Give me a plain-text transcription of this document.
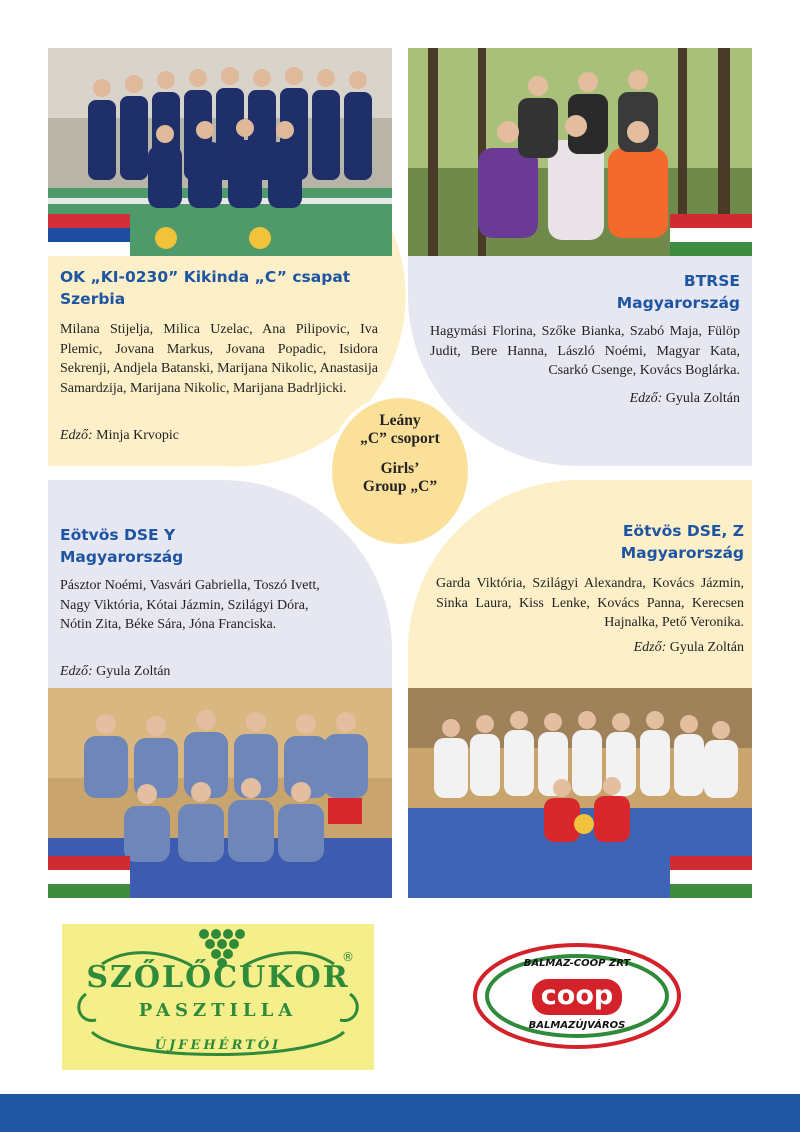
OK „KI-0230” Kikinda „C” csapat
Szerbia
Milana Stijelja, Milica Uzelac, Ana Pilipovic, Iva Plemic, Jovana Markus, Jovana Popadic, Isidora Sekrenji, Andjela Batanski, Marijana Nikolic, Anastasija Samardzija, Marijana Nikolic, Marijana Badrljicki.
Edző: Minja Krvopic
BTRSE
Magyarország
Hagymási Florina, Szőke Bianka, Szabó Maja, Fülöp Judit, Bere Hanna, László Noémi, Magyar Kata, Csarkó Csenge, Kovács Boglárka.
Edző: Gyula Zoltán
Leány
„C” csoport
Girls’
Group „C”
Eötvös DSE Y
Magyarország
Pásztor Noémi, Vasvári Gabriella, Toszó Ivett, Nagy Viktória, Kótai Jázmin, Szilágyi Dóra, Nótin Zita, Béke Sára, Jóna Franciska.
Edző: Gyula Zoltán
Eötvös DSE, Z
Magyarország
Garda Viktória, Szilágyi Alexandra, Kovács Jázmin, Sinka Laura, Kiss Lenke, Kovács Panna, Kerecsen Hajnalka, Pető Veronika.
Edző: Gyula Zoltán
SZŐLŐCUKOR
PASZTILLA
ÚJFEHÉRTÓI
®	BALMAZ-COOP ZRT
coop
BALMAZÚJVÁROS
